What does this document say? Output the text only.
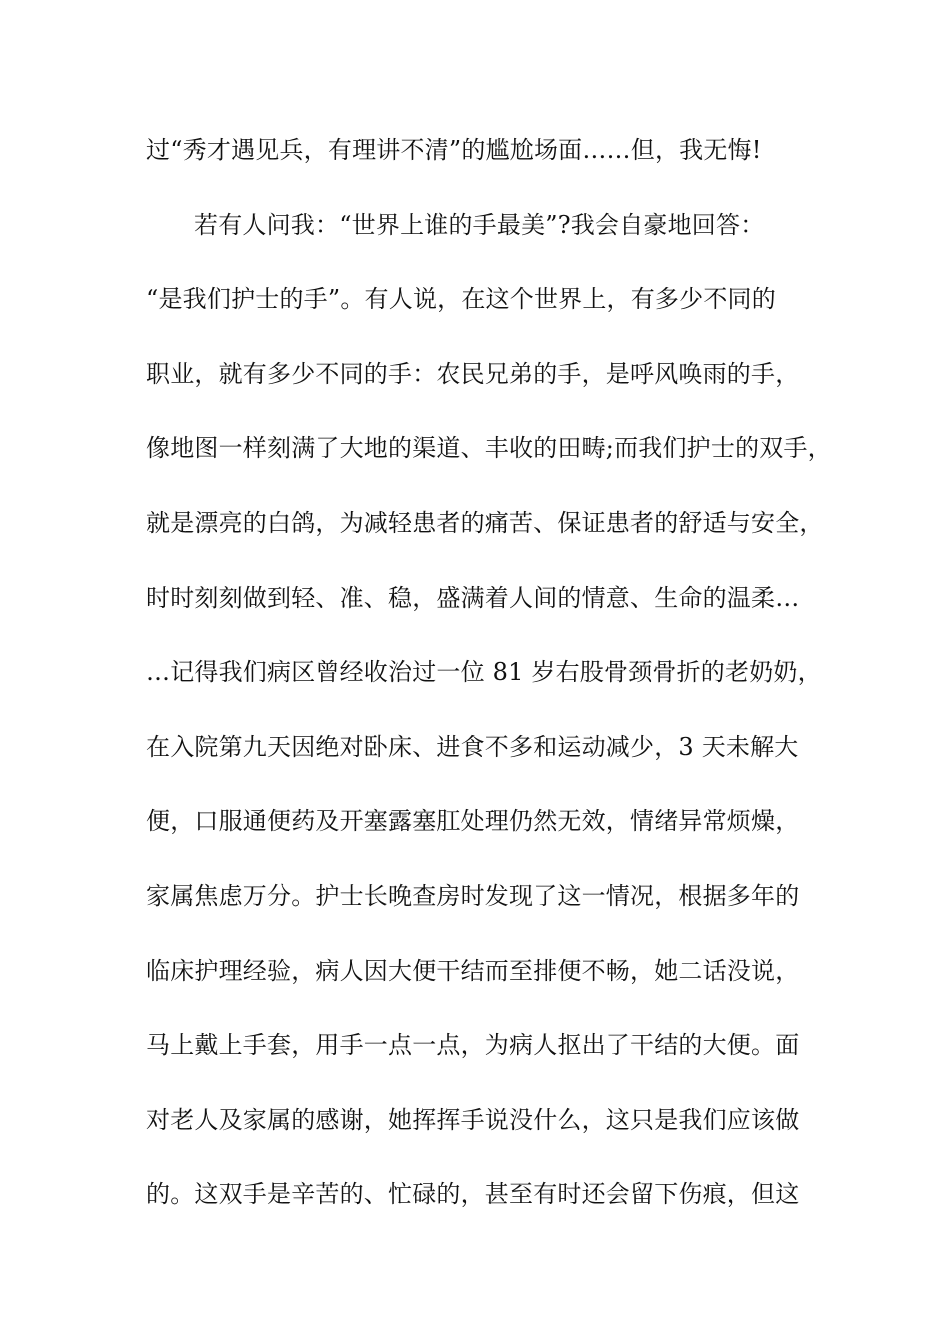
过“秀才遇见兵，有理讲不清”的尴尬场面……但，我无悔!
若有人问我：“世界上谁的手最美”?我会自豪地回答：
“是我们护士的手”。有人说，在这个世界上，有多少不同的
职业，就有多少不同的手：农民兄弟的手，是呼风唤雨的手，
像地图一样刻满了大地的渠道、丰收的田畴;而我们护士的双手，
就是漂亮的白鸽，为减轻患者的痛苦、保证患者的舒适与安全，
时时刻刻做到轻、准、稳，盛满着人间的情意、生命的温柔…
…记得我们病区曾经收治过一位 81 岁右股骨颈骨折的老奶奶，
在入院第九天因绝对卧床、进食不多和运动减少，3 天未解大
便，口服通便药及开塞露塞肛处理仍然无效，情绪异常烦燥，
家属焦虑万分。护士长晚查房时发现了这一情况，根据多年的
临床护理经验，病人因大便干结而至排便不畅，她二话没说，
马上戴上手套，用手一点一点，为病人抠出了干结的大便。面
对老人及家属的感谢，她挥挥手说没什么，这只是我们应该做
的。这双手是辛苦的、忙碌的，甚至有时还会留下伤痕，但这
